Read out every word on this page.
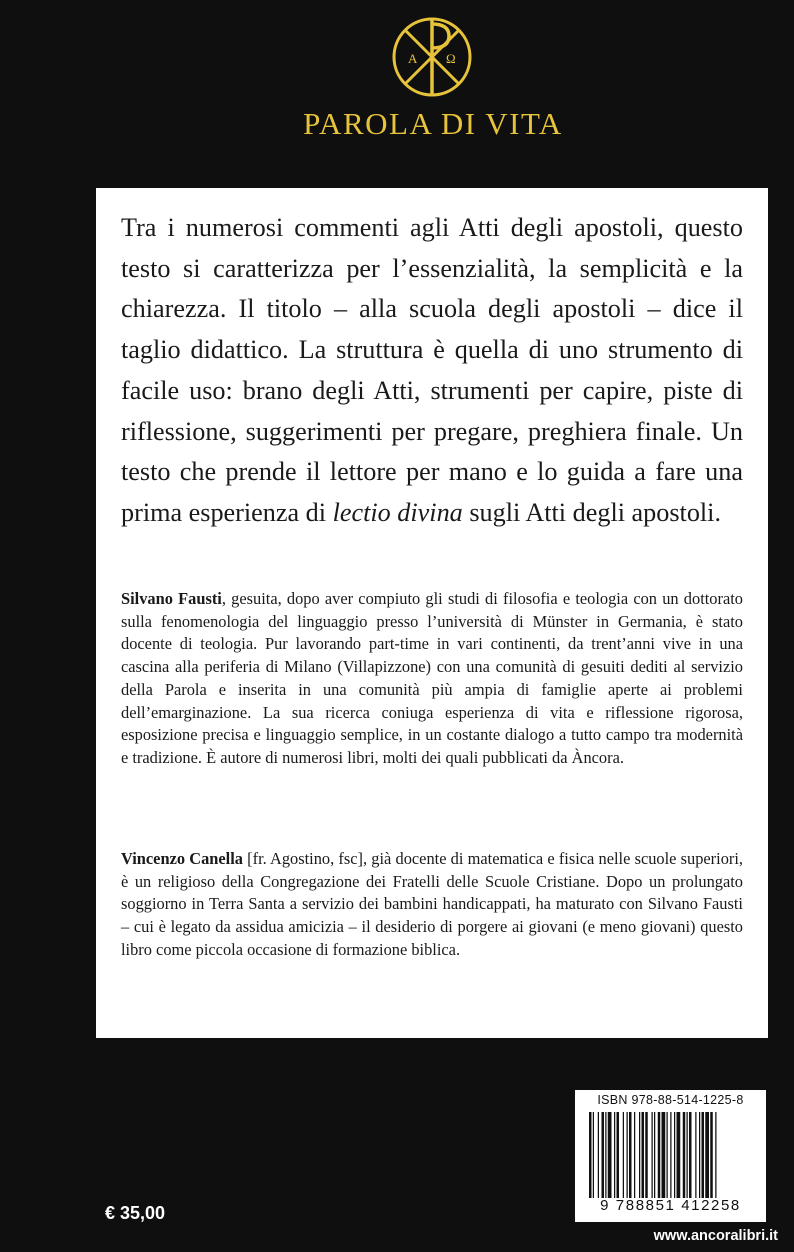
A Ω
PAROLA DI VITA

Tra i numerosi commenti agli Atti degli apostoli, questo testo si caratterizza per l’essenzialità, la semplicità e la chiarezza. Il titolo – alla scuola degli apostoli – dice il taglio didattico. La struttura è quella di uno strumento di facile uso: brano degli Atti, strumenti per capire, piste di riflessione, suggerimenti per pregare, preghiera finale. Un testo che prende il lettore per mano e lo guida a fare una prima esperienza di lectio divina sugli Atti degli apostoli.

Silvano Fausti, gesuita, dopo aver compiuto gli studi di filosofia e teologia con un dottorato sulla fenomenologia del linguaggio presso l’università di Münster in Germania, è stato docente di teologia. Pur lavorando part-time in vari continenti, da trent’anni vive in una cascina alla periferia di Milano (Villapizzone) con una comunità di gesuiti dediti al servizio della Parola e inserita in una comunità più ampia di famiglie aperte ai problemi dell’emarginazione. La sua ricerca coniuga esperienza di vita e riflessione rigorosa, esposizione precisa e linguaggio semplice, in un costante dialogo a tutto campo tra modernità e tradizione. È autore di numerosi libri, molti dei quali pubblicati da Àncora.

Vincenzo Canella [fr. Agostino, fsc], già docente di matematica e fisica nelle scuole superiori, è un religioso della Congregazione dei Fratelli delle Scuole Cristiane. Dopo un prolungato soggiorno in Terra Santa a servizio dei bambini handicappati, ha maturato con Silvano Fausti – cui è legato da assidua amicizia – il desiderio di porgere ai giovani (e meno giovani) questo libro come piccola occasione di formazione biblica.

ISBN 978-88-514-1225-8
9 788851 412258
€ 35,00
www.ancoralibri.it
